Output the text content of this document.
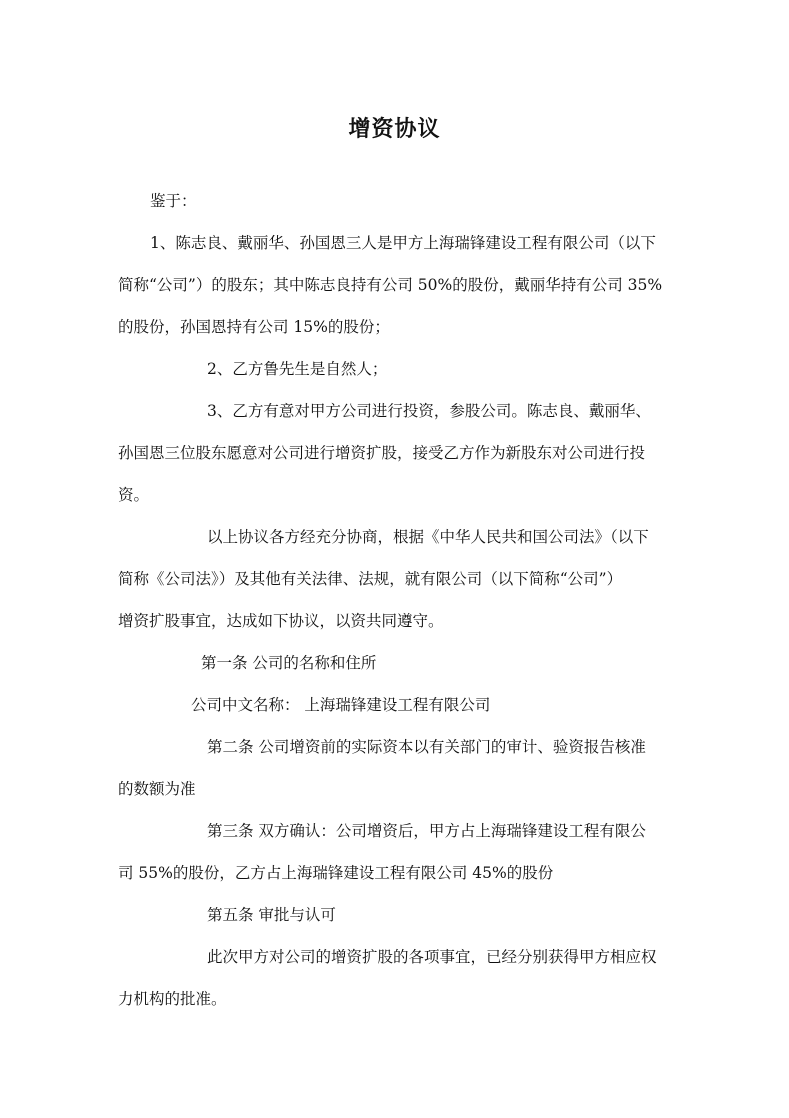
增资协议
鉴于：
1、陈志良、戴丽华、孙国恩三人是甲方上海瑞锋建设工程有限公司（以下
简称“公司”）的股东；其中陈志良持有公司 50%的股份，戴丽华持有公司 35%
的股份，孙国恩持有公司 15%的股份；
2、乙方鲁先生是自然人；
3、乙方有意对甲方公司进行投资，参股公司。陈志良、戴丽华、
孙国恩三位股东愿意对公司进行增资扩股，接受乙方作为新股东对公司进行投
资。
以上协议各方经充分协商，根据《中华人民共和国公司法》（以下
简称《公司法》）及其他有关法律、法规，就有限公司（以下简称“公司”）
增资扩股事宜，达成如下协议，以资共同遵守。
第一条 公司的名称和住所
公司中文名称： 上海瑞锋建设工程有限公司
第二条 公司增资前的实际资本以有关部门的审计、验资报告核准
的数额为准
第三条 双方确认：公司增资后，甲方占上海瑞锋建设工程有限公
司 55%的股份，乙方占上海瑞锋建设工程有限公司 45%的股份
第五条 审批与认可
此次甲方对公司的增资扩股的各项事宜，已经分别获得甲方相应权
力机构的批准。
